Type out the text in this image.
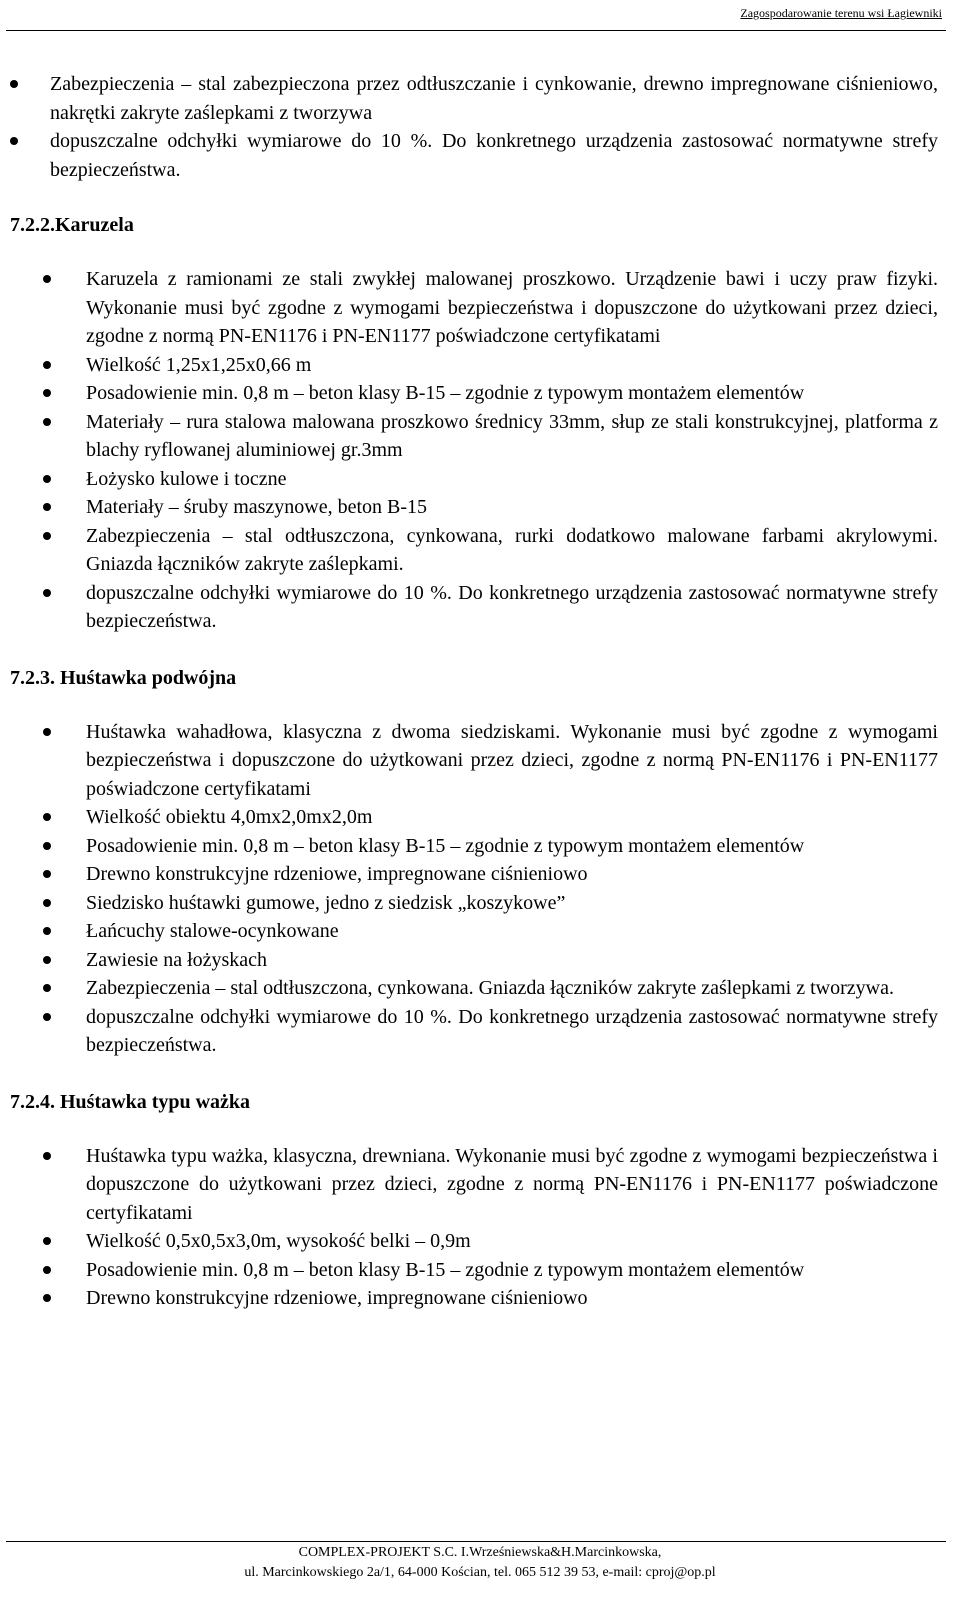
Zagospodarowanie terenu wsi Łagiewniki
Zabezpieczenia – stal zabezpieczona przez odtłuszczanie i cynkowanie, drewno impregnowane ciśnieniowo, nakrętki zakryte zaślepkami z tworzywa
dopuszczalne odchyłki wymiarowe do 10 %. Do konkretnego urządzenia zastosować normatywne strefy bezpieczeństwa.
7.2.2.Karuzela
Karuzela z ramionami ze stali zwykłej malowanej proszkowo. Urządzenie bawi i uczy praw fizyki. Wykonanie musi być zgodne z wymogami bezpieczeństwa i dopuszczone do użytkowani przez dzieci, zgodne z normą PN-EN1176 i PN-EN1177 poświadczone certyfikatami
Wielkość 1,25x1,25x0,66 m
Posadowienie min. 0,8 m – beton klasy B-15 – zgodnie z typowym montażem elementów
Materiały – rura stalowa malowana proszkowo średnicy 33mm, słup ze stali konstrukcyjnej, platforma z blachy ryflowanej aluminiowej gr.3mm
Łożysko kulowe i toczne
Materiały – śruby maszynowe, beton B-15
Zabezpieczenia – stal odtłuszczona, cynkowana, rurki dodatkowo malowane farbami akrylowymi. Gniazda łączników zakryte zaślepkami.
dopuszczalne odchyłki wymiarowe do 10 %. Do konkretnego urządzenia zastosować normatywne strefy bezpieczeństwa.
7.2.3. Huśtawka podwójna
Huśtawka wahadłowa, klasyczna z dwoma siedziskami. Wykonanie musi być zgodne z wymogami bezpieczeństwa i dopuszczone do użytkowani przez dzieci, zgodne z normą PN-EN1176 i PN-EN1177 poświadczone certyfikatami
Wielkość obiektu 4,0mx2,0mx2,0m
Posadowienie min. 0,8 m – beton klasy B-15 – zgodnie z typowym montażem elementów
Drewno konstrukcyjne rdzeniowe, impregnowane ciśnieniowo
Siedzisko huśtawki gumowe, jedno z siedzisk „koszykowe”
Łańcuchy stalowe-ocynkowane
Zawiesie na łożyskach
Zabezpieczenia – stal odtłuszczona, cynkowana. Gniazda łączników zakryte zaślepkami z tworzywa.
dopuszczalne odchyłki wymiarowe do 10 %. Do konkretnego urządzenia zastosować normatywne strefy bezpieczeństwa.
7.2.4. Huśtawka typu ważka
Huśtawka typu ważka, klasyczna, drewniana. Wykonanie musi być zgodne z wymogami bezpieczeństwa i dopuszczone do użytkowani przez dzieci, zgodne z normą PN-EN1176 i PN-EN1177 poświadczone certyfikatami
Wielkość 0,5x0,5x3,0m, wysokość belki – 0,9m
Posadowienie min. 0,8 m – beton klasy B-15 – zgodnie z typowym montażem elementów
Drewno konstrukcyjne rdzeniowe, impregnowane ciśnieniowo
COMPLEX-PROJEKT S.C. I.Wrześniewska&H.Marcinkowska,
ul. Marcinkowskiego 2a/1, 64-000 Kościan, tel. 065 512 39 53, e-mail: cproj@op.pl
